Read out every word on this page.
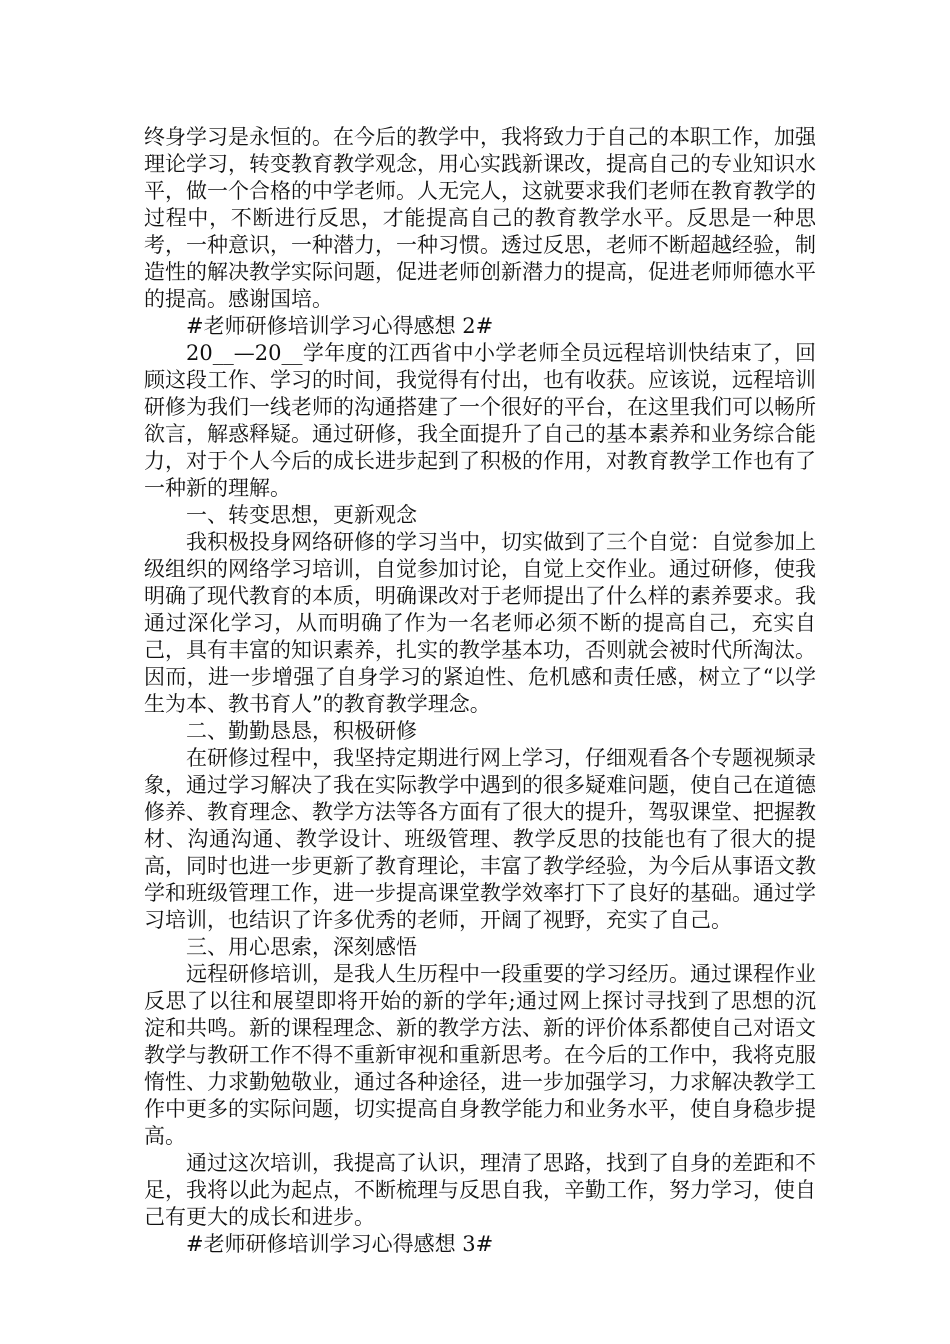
终身学习是永恒的。在今后的教学中，我将致力于自己的本职工作，加强理论学习，转变教育教学观念，用心实践新课改，提高自己的专业知识水平，做一个合格的中学老师。人无完人，这就要求我们老师在教育教学的过程中，不断进行反思，才能提高自己的教育教学水平。反思是一种思考，一种意识，一种潜力，一种习惯。透过反思，老师不断超越经验，制造性的解决教学实际问题，促进老师创新潜力的提高，促进老师师德水平的提高。感谢国培。

#老师研修培训学习心得感想 2#

20__—20__学年度的江西省中小学老师全员远程培训快结束了，回顾这段工作、学习的时间，我觉得有付出，也有收获。应该说，远程培训研修为我们一线老师的沟通搭建了一个很好的平台，在这里我们可以畅所欲言，解惑释疑。通过研修，我全面提升了自己的基本素养和业务综合能力，对于个人今后的成长进步起到了积极的作用，对教育教学工作也有了一种新的理解。

一、转变思想，更新观念

我积极投身网络研修的学习当中，切实做到了三个自觉：自觉参加上级组织的网络学习培训，自觉参加讨论，自觉上交作业。通过研修，使我明确了现代教育的本质，明确课改对于老师提出了什么样的素养要求。我通过深化学习，从而明确了作为一名老师必须不断的提高自己，充实自己，具有丰富的知识素养，扎实的教学基本功，否则就会被时代所淘汰。因而，进一步增强了自身学习的紧迫性、危机感和责任感，树立了“以学生为本、教书育人”的教育教学理念。

二、勤勤恳恳，积极研修

在研修过程中，我坚持定期进行网上学习，仔细观看各个专题视频录象，通过学习解决了我在实际教学中遇到的很多疑难问题，使自己在道德修养、教育理念、教学方法等各方面有了很大的提升，驾驭课堂、把握教材、沟通沟通、教学设计、班级管理、教学反思的技能也有了很大的提高，同时也进一步更新了教育理论，丰富了教学经验，为今后从事语文教学和班级管理工作，进一步提高课堂教学效率打下了良好的基础。通过学习培训，也结识了许多优秀的老师，开阔了视野，充实了自己。

三、用心思索，深刻感悟

远程研修培训，是我人生历程中一段重要的学习经历。通过课程作业反思了以往和展望即将开始的新的学年;通过网上探讨寻找到了思想的沉淀和共鸣。新的课程理念、新的教学方法、新的评价体系都使自己对语文教学与教研工作不得不重新审视和重新思考。在今后的工作中，我将克服惰性、力求勤勉敬业，通过各种途径，进一步加强学习，力求解决教学工作中更多的实际问题，切实提高自身教学能力和业务水平，使自身稳步提高。

通过这次培训，我提高了认识，理清了思路，找到了自身的差距和不足，我将以此为起点，不断梳理与反思自我，辛勤工作，努力学习，使自己有更大的成长和进步。

#老师研修培训学习心得感想 3#
